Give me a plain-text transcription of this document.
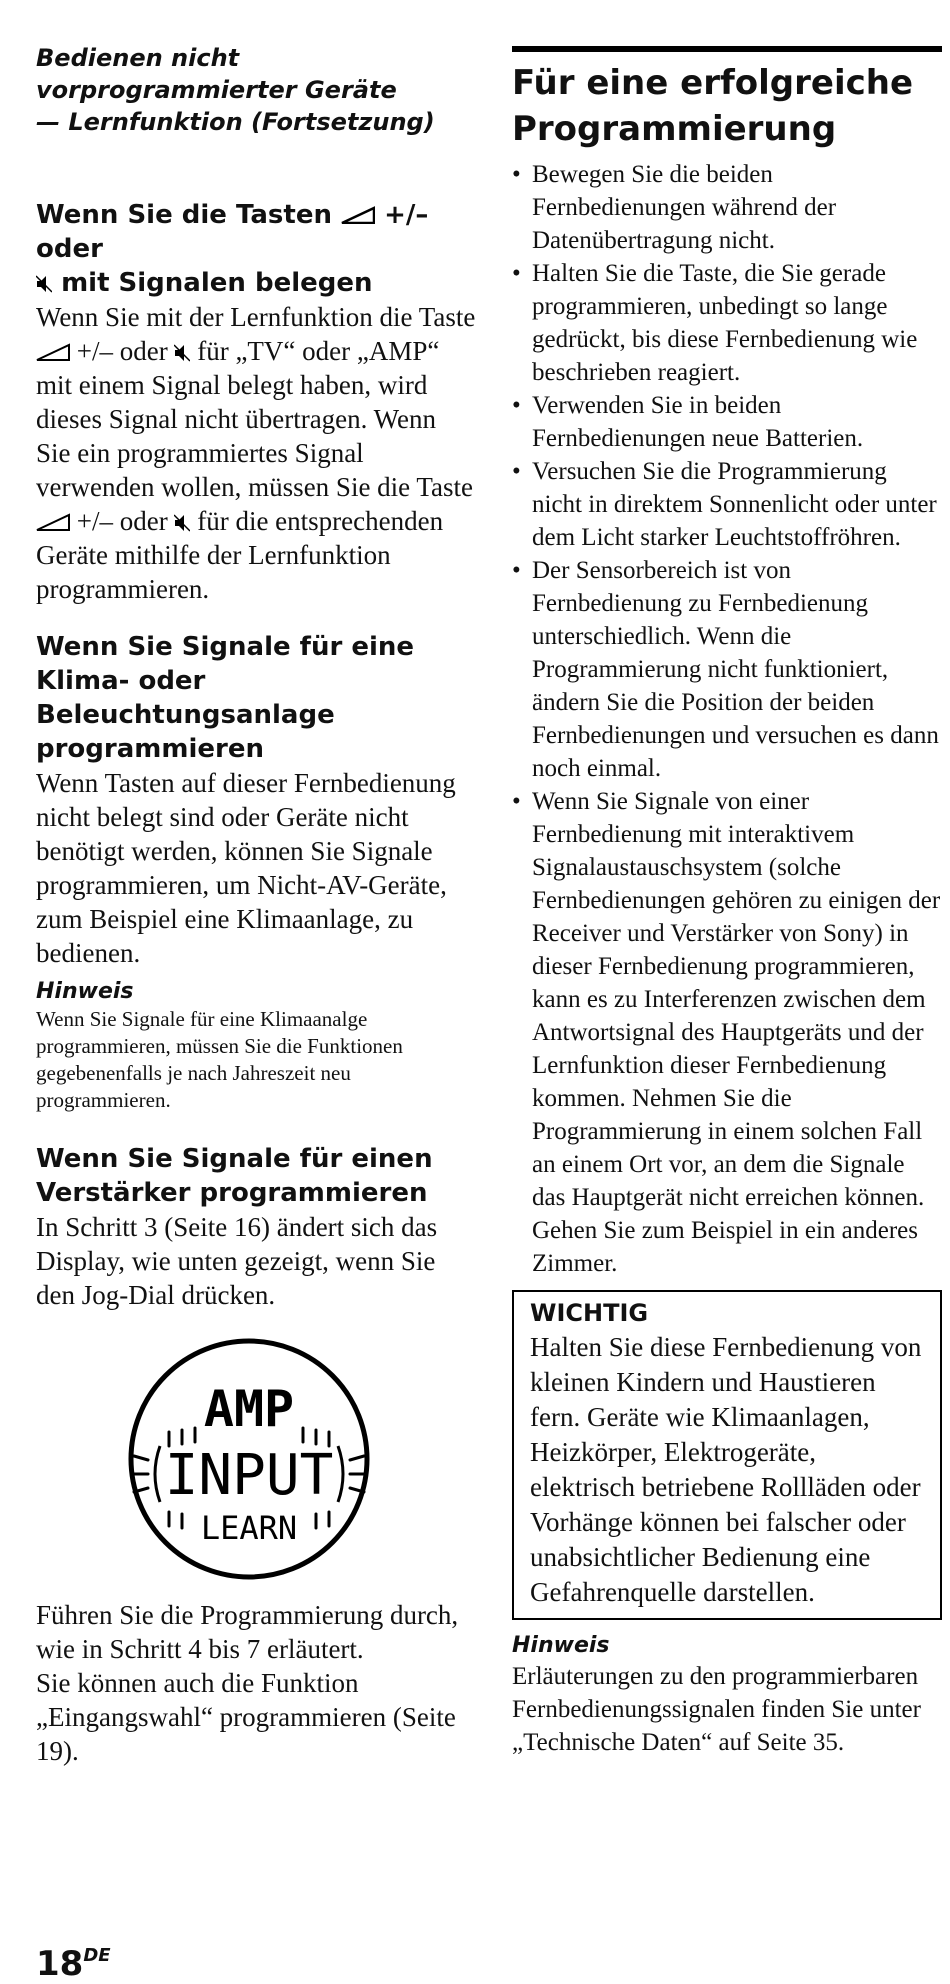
Bedienen nicht
vorprogrammierter Geräte
— Lernfunktion (Fortsetzung)

Wenn Sie die Tasten +/– oder
mit Signalen belegen

Wenn Sie mit der Lernfunktion die Taste  +/– oder für „TV“ oder „AMP“ mit einem Signal belegt haben, wird dieses Signal nicht übertragen. Wenn Sie ein programmiertes Signal verwenden wollen, müssen Sie die Taste  +/– oder für die entsprechenden Geräte mithilfe der Lernfunktion programmieren.

Wenn Sie Signale für eine Klima- oder Beleuchtungsanlage programmieren

Wenn Tasten auf dieser Fernbedienung nicht belegt sind oder Geräte nicht benötigt werden, können Sie Signale programmieren, um Nicht-AV-Geräte, zum Beispiel eine Klimaanlage, zu bedienen.

Hinweis

Wenn Sie Signale für eine Klimaanalge programmieren, müssen Sie die Funktionen gegebenenfalls je nach Jahreszeit neu programmieren.

Wenn Sie Signale für einen Verstärker programmieren

In Schritt 3 (Seite 16) ändert sich das Display, wie unten gezeigt, wenn Sie den Jog-Dial drücken.

AMP
INPUT
LEARN

Führen Sie die Programmierung durch, wie in Schritt 4 bis 7 erläutert.

Sie können auch die Funktion „Eingangswahl“ programmieren (Seite 19).

Für eine erfolgreiche Programmierung
• Bewegen Sie die beiden Fernbedienungen während der Datenübertragung nicht.
• Halten Sie die Taste, die Sie gerade programmieren, unbedingt so lange gedrückt, bis diese Fernbedienung wie beschrieben reagiert.
• Verwenden Sie in beiden Fernbedienungen neue Batterien.
• Versuchen Sie die Programmierung nicht in direktem Sonnenlicht oder unter dem Licht starker Leuchtstoffröhren.
• Der Sensorbereich ist von Fernbedienung zu Fernbedienung unterschiedlich. Wenn die Programmierung nicht funktioniert, ändern Sie die Position der beiden Fernbedienungen und versuchen es dann noch einmal.
• Wenn Sie Signale von einer Fernbedienung mit interaktivem Signalaustauschsystem (solche Fernbedienungen gehören zu einigen der Receiver und Verstärker von Sony) in dieser Fernbedienung programmieren, kann es zu Interferenzen zwischen dem Antwortsignal des Hauptgeräts und der Lernfunktion dieser Fernbedienung kommen. Nehmen Sie die Programmierung in einem solchen Fall an einem Ort vor, an dem die Signale das Hauptgerät nicht erreichen können. Gehen Sie zum Beispiel in ein anderes Zimmer.

WICHTIG

Halten Sie diese Fernbedienung von kleinen Kindern und Haustieren fern. Geräte wie Klimaanlagen, Heizkörper, Elektrogeräte, elektrisch betriebene Rollläden oder Vorhänge können bei falscher oder unabsichtlicher Bedienung eine Gefahrenquelle darstellen.

Hinweis

Erläuterungen zu den programmierbaren Fernbedienungssignalen finden Sie unter „Technische Daten“ auf Seite 35.

18DE
